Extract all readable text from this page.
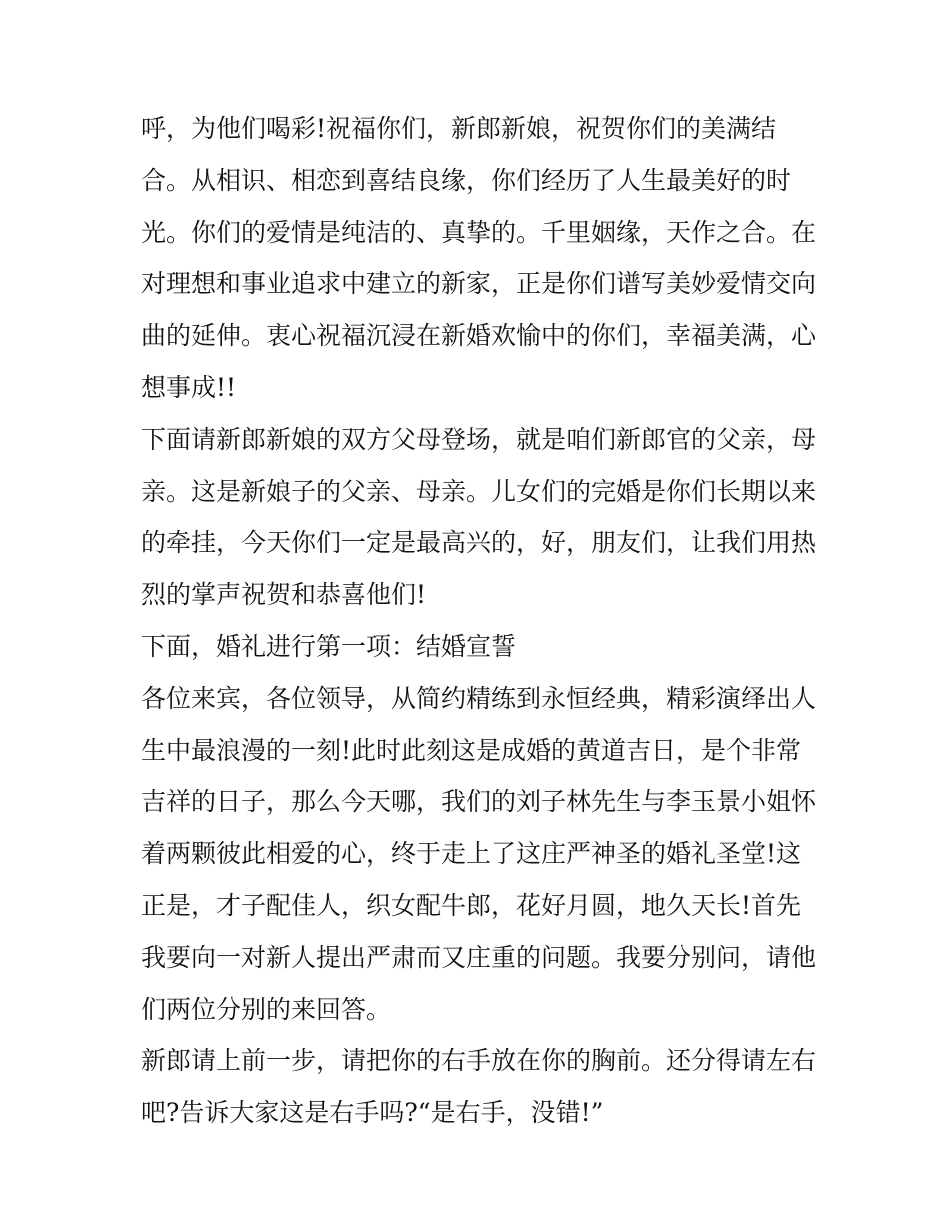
呼，为他们喝彩!祝福你们，新郎新娘，祝贺你们的美满结
合。从相识、相恋到喜结良缘，你们经历了人生最美好的时
光。你们的爱情是纯洁的、真挚的。千里姻缘，天作之合。在
对理想和事业追求中建立的新家，正是你们谱写美妙爱情交向
曲的延伸。衷心祝福沉浸在新婚欢愉中的你们，幸福美满，心
想事成!!
下面请新郎新娘的双方父母登场，就是咱们新郎官的父亲，母
亲。这是新娘子的父亲、母亲。儿女们的完婚是你们长期以来
的牵挂，今天你们一定是最高兴的，好，朋友们，让我们用热
烈的掌声祝贺和恭喜他们!
下面，婚礼进行第一项：结婚宣誓
各位来宾，各位领导，从简约精练到永恒经典，精彩演绎出人
生中最浪漫的一刻!此时此刻这是成婚的黄道吉日，是个非常
吉祥的日子，那么今天哪，我们的刘子林先生与李玉景小姐怀
着两颗彼此相爱的心，终于走上了这庄严神圣的婚礼圣堂!这
正是，才子配佳人，织女配牛郎，花好月圆，地久天长!首先
我要向一对新人提出严肃而又庄重的问题。我要分别问，请他
们两位分别的来回答。
新郎请上前一步，请把你的右手放在你的胸前。还分得请左右
吧?告诉大家这是右手吗?“是右手，没错!”
